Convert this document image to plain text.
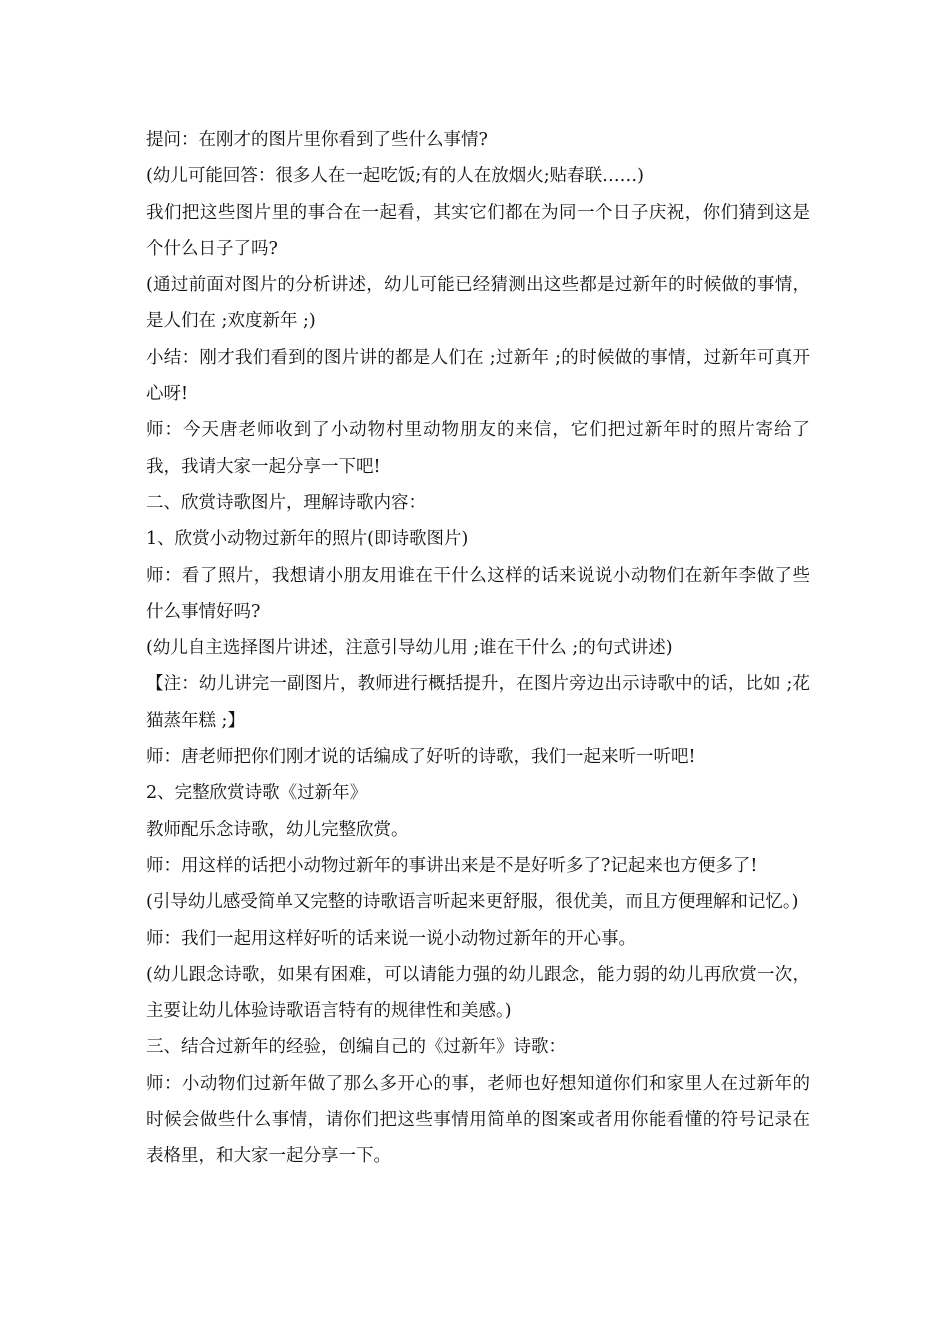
提问：在刚才的图片里你看到了些什么事情?

(幼儿可能回答：很多人在一起吃饭;有的人在放烟火;贴春联……)

我们把这些图片里的事合在一起看，其实它们都在为同一个日子庆祝，你们猜到这是个什么日子了吗?

(通过前面对图片的分析讲述，幼儿可能已经猜测出这些都是过新年的时候做的事情，是人们在 ;欢度新年 ;)

小结：刚才我们看到的图片讲的都是人们在 ;过新年 ;的时候做的事情，过新年可真开心呀!

师：今天唐老师收到了小动物村里动物朋友的来信，它们把过新年时的照片寄给了我，我请大家一起分享一下吧!

二、欣赏诗歌图片，理解诗歌内容：

1、欣赏小动物过新年的照片(即诗歌图片)

师：看了照片，我想请小朋友用谁在干什么这样的话来说说小动物们在新年李做了些什么事情好吗?

(幼儿自主选择图片讲述，注意引导幼儿用 ;谁在干什么 ;的句式讲述)

【注：幼儿讲完一副图片，教师进行概括提升，在图片旁边出示诗歌中的话，比如 ;花猫蒸年糕 ;】

师：唐老师把你们刚才说的话编成了好听的诗歌，我们一起来听一听吧!

2、完整欣赏诗歌《过新年》

教师配乐念诗歌，幼儿完整欣赏。

师：用这样的话把小动物过新年的事讲出来是不是好听多了?记起来也方便多了!

(引导幼儿感受简单又完整的诗歌语言听起来更舒服，很优美，而且方便理解和记忆。)

师：我们一起用这样好听的话来说一说小动物过新年的开心事。

(幼儿跟念诗歌，如果有困难，可以请能力强的幼儿跟念，能力弱的幼儿再欣赏一次，主要让幼儿体验诗歌语言特有的规律性和美感。)

三、结合过新年的经验，创编自己的《过新年》诗歌：

师：小动物们过新年做了那么多开心的事，老师也好想知道你们和家里人在过新年的时候会做些什么事情，请你们把这些事情用简单的图案或者用你能看懂的符号记录在表格里，和大家一起分享一下。
